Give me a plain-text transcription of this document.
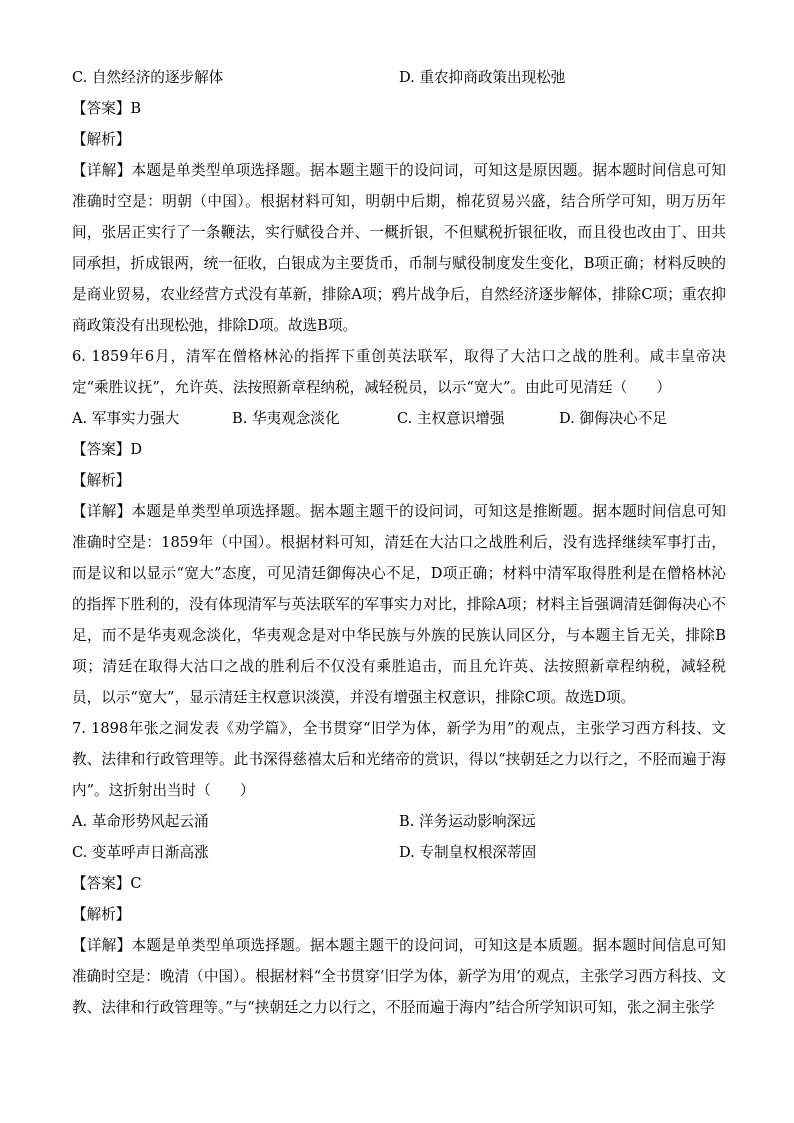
C. 自然经济的逐步解体	D. 重农抑商政策出现松弛
【答案】B
【解析】

【详解】本题是单类型单项选择题。据本题主题干的设问词，可知这是原因题。据本题时间信息可知准确时空是：明朝（中国）。根据材料可知，明朝中后期，棉花贸易兴盛，结合所学可知，明万历年间，张居正实行了一条鞭法，实行赋役合并、一概折银，不但赋税折银征收，而且役也改由丁、田共同承担，折成银两，统一征收，白银成为主要货币，币制与赋役制度发生变化，B项正确；材料反映的是商业贸易，农业经营方式没有革新，排除A项；鸦片战争后，自然经济逐步解体，排除C项；重农抑商政策没有出现松弛，排除D项。故选B项。

6. 1859年6月，清军在僧格林沁的指挥下重创英法联军，取得了大沽口之战的胜利。咸丰皇帝决定“乘胜议抚”，允许英、法按照新章程纳税，减轻税员，以示“宽大”。由此可见清廷（　　）

A. 军事实力强大	B. 华夷观念淡化	C. 主权意识增强	D. 御侮决心不足
【答案】D
【解析】

【详解】本题是单类型单项选择题。据本题主题干的设问词，可知这是推断题。据本题时间信息可知准确时空是：1859年（中国）。根据材料可知，清廷在大沽口之战胜利后，没有选择继续军事打击，而是议和以显示“宽大”态度，可见清廷御侮决心不足，D项正确；材料中清军取得胜利是在僧格林沁的指挥下胜利的，没有体现清军与英法联军的军事实力对比，排除A项；材料主旨强调清廷御侮决心不足，而不是华夷观念淡化，华夷观念是对中华民族与外族的民族认同区分，与本题主旨无关，排除B项；清廷在取得大沽口之战的胜利后不仅没有乘胜追击，而且允许英、法按照新章程纳税，减轻税员，以示“宽大”，显示清廷主权意识淡漠，并没有增强主权意识，排除C项。故选D项。

7. 1898年张之洞发表《劝学篇》，全书贯穿“旧学为体，新学为用”的观点，主张学习西方科技、文教、法律和行政管理等。此书深得慈禧太后和光绪帝的赏识，得以“挟朝廷之力以行之，不胫而遍于海内”。这折射出当时（　　）

A. 革命形势风起云涌	B. 洋务运动影响深远
C. 变革呼声日渐高涨	D. 专制皇权根深蒂固
【答案】C
【解析】

【详解】本题是单类型单项选择题。据本题主题干的设问词，可知这是本质题。据本题时间信息可知准确时空是：晚清（中国）。根据材料“全书贯穿‘旧学为体，新学为用’的观点，主张学习西方科技、文教、法律和行政管理等。”与“挟朝廷之力以行之，不胫而遍于海内”结合所学知识可知，张之洞主张学
